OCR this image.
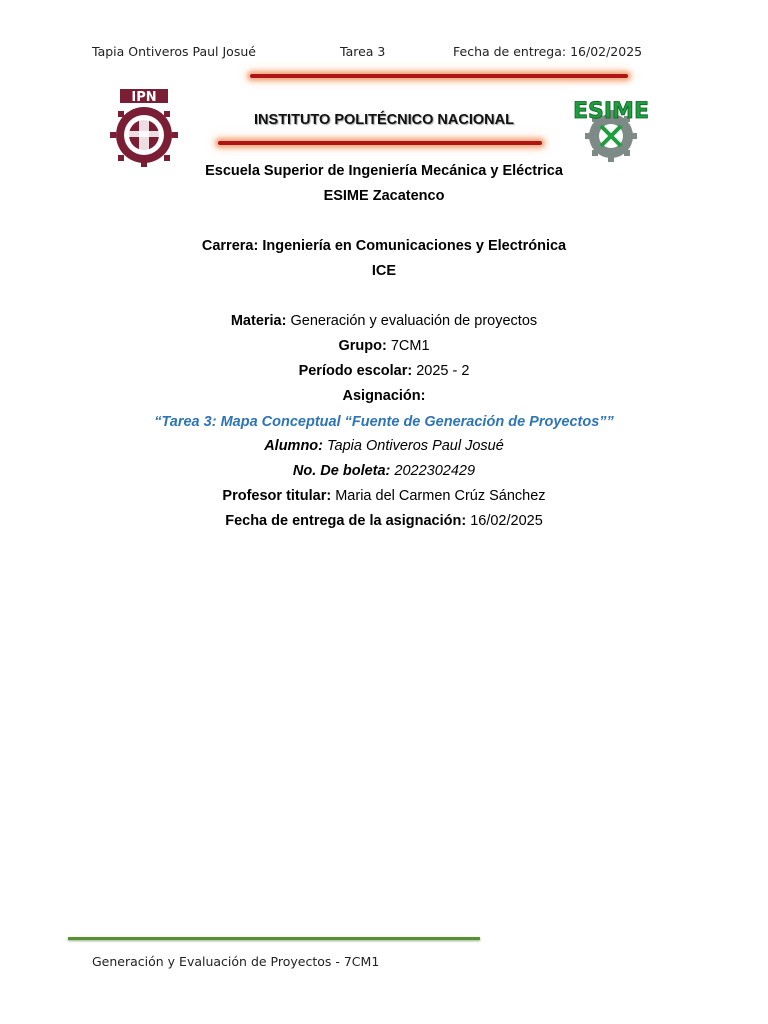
Tapia Ontiveros Paul Josué	Tarea 3	Fecha de entrega: 16/02/2025
IPN
INSTITUTO POLITÉCNICO NACIONAL	ESIME
Escuela Superior de Ingeniería Mecánica y Eléctrica
ESIME Zacatenco
Carrera: Ingeniería en Comunicaciones y Electrónica
ICE
Materia: Generación y evaluación de proyectos
Grupo: 7CM1
Período escolar: 2025 - 2
Asignación:
“Tarea 3: Mapa Conceptual “Fuente de Generación de Proyectos””
Alumno: Tapia Ontiveros Paul Josué
No. De boleta: 2022302429
Profesor titular: Maria del Carmen Crúz Sánchez
Fecha de entrega de la asignación: 16/02/2025
Generación y Evaluación de Proyectos - 7CM1
